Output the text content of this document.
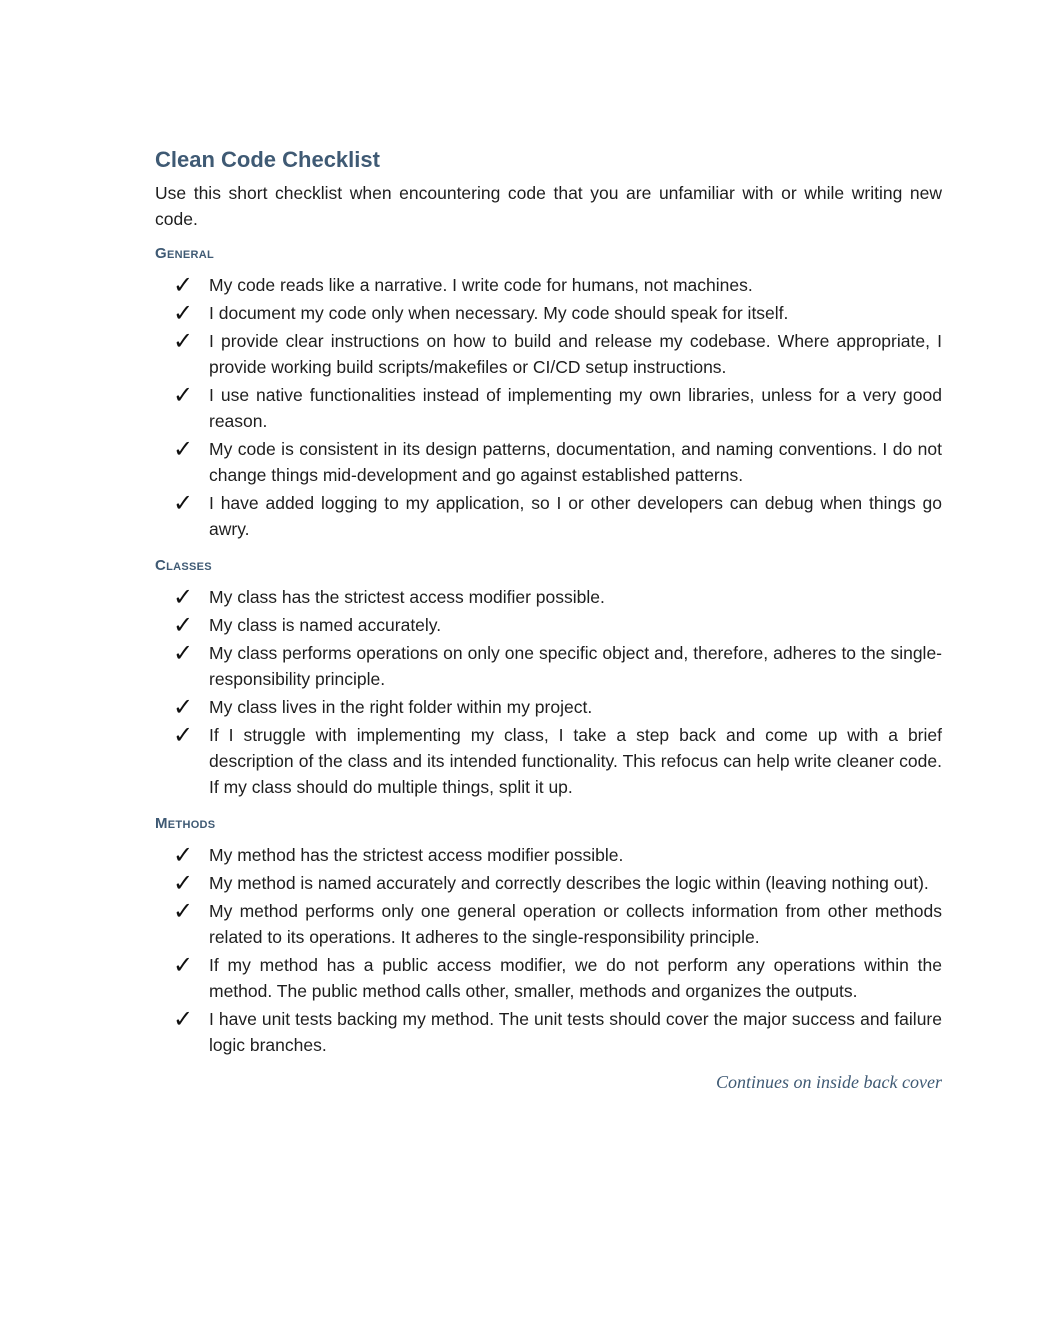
Clean Code Checklist

Use this short checklist when encountering code that you are unfamiliar with or while writing new code.

General
✓ My code reads like a narrative. I write code for humans, not machines.
✓ I document my code only when necessary. My code should speak for itself.
✓ I provide clear instructions on how to build and release my codebase. Where appropriate, I provide working build scripts/makefiles or CI/CD setup instructions.
✓ I use native functionalities instead of implementing my own libraries, unless for a very good reason.
✓ My code is consistent in its design patterns, documentation, and naming conventions. I do not change things mid-development and go against established patterns.
✓ I have added logging to my application, so I or other developers can debug when things go awry.
Classes
✓ My class has the strictest access modifier possible.
✓ My class is named accurately.
✓ My class performs operations on only one specific object and, therefore, adheres to the single-responsibility principle.
✓ My class lives in the right folder within my project.
✓ If I struggle with implementing my class, I take a step back and come up with a brief description of the class and its intended functionality. This refocus can help write cleaner code. If my class should do multiple things, split it up.
Methods
✓ My method has the strictest access modifier possible.
✓ My method is named accurately and correctly describes the logic within (leaving nothing out).
✓ My method performs only one general operation or collects information from other methods related to its operations. It adheres to the single-responsibility principle.
✓ If my method has a public access modifier, we do not perform any operations within the method. The public method calls other, smaller, methods and organizes the outputs.
✓ I have unit tests backing my method. The unit tests should cover the major success and failure logic branches.
Continues on inside back cover
